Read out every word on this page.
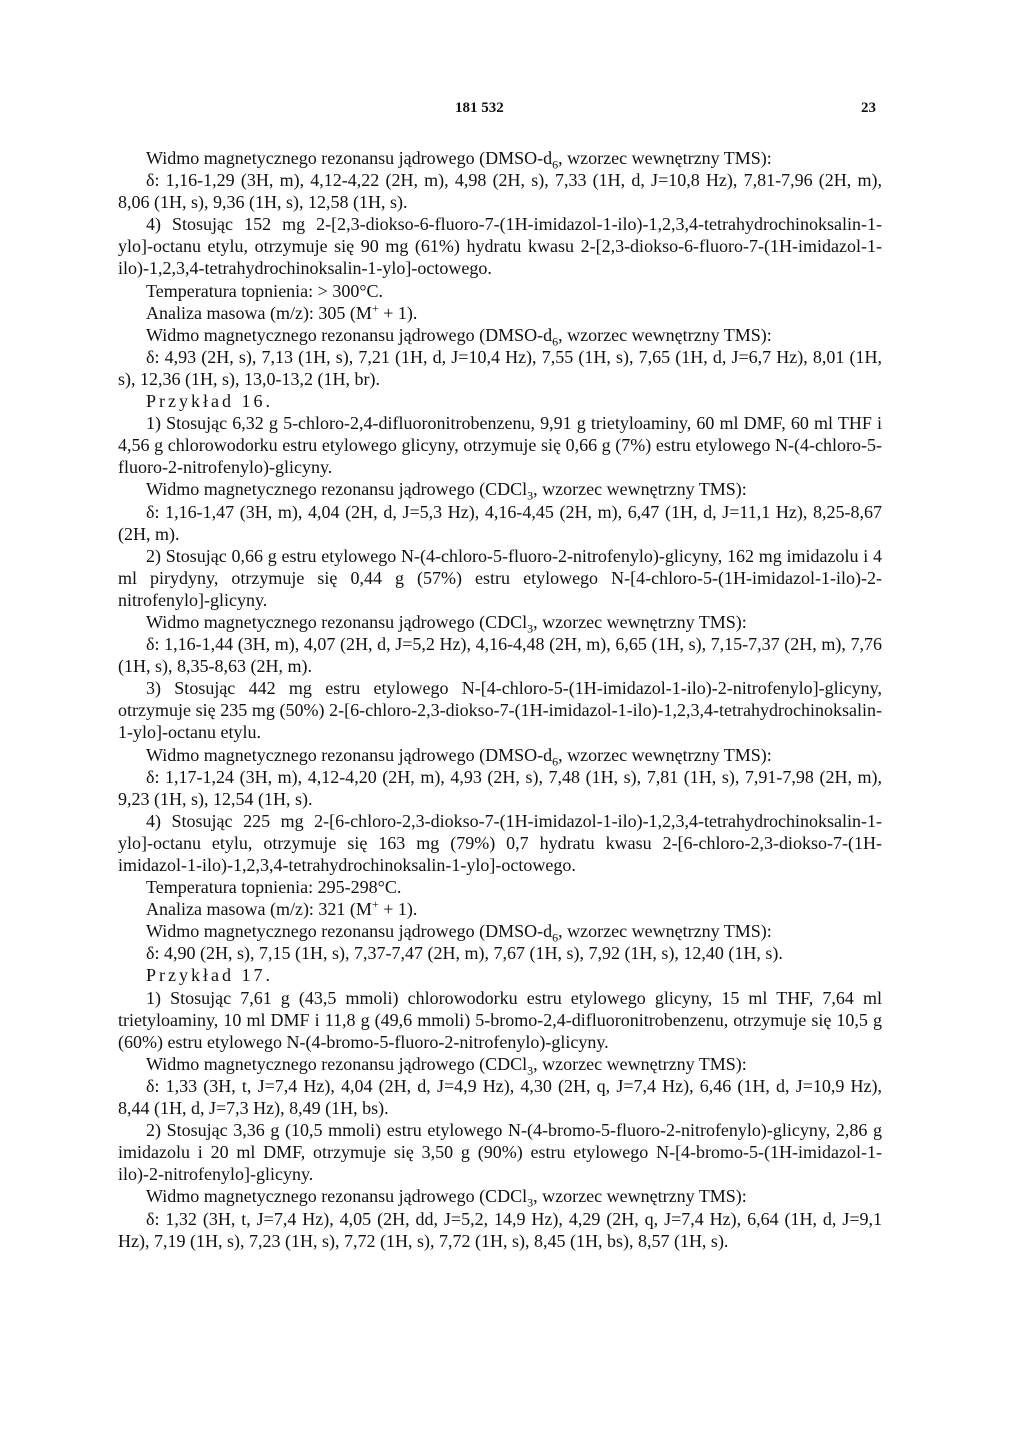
181 532	23

Widmo magnetycznego rezonansu jądrowego ($DMSO-d_6$, wzorzec wewnętrzny TMS):

δ: 1,16-1,29 (3H, m), 4,12-4,22 (2H, m), 4,98 (2H, s), 7,33 (1H, d, J=10,8 Hz), 7,81-7,96 (2H, m), 8,06 (1H, s), 9,36 (1H, s), 12,58 (1H, s).

4) Stosując 152 mg 2-[2,3-diokso-6-fluoro-7-(1H-imidazol-1-ilo)-1,2,3,4-tetrahydrochinoksalin-1-ylo]-octanu etylu, otrzymuje się 90 mg (61%) hydratu kwasu 2-[2,3-diokso-6-fluoro-7-(1H-imidazol-1-ilo)-1,2,3,4-tetrahydrochinoksalin-1-ylo]-octowego.

Temperatura topnienia: > 300°C.

Analiza masowa (m/z): 305 (M+ + 1).

Widmo magnetycznego rezonansu jądrowego ($DMSO-d_6$, wzorzec wewnętrzny TMS):

δ: 4,93 (2H, s), 7,13 (1H, s), 7,21 (1H, d, J=10,4 Hz), 7,55 (1H, s), 7,65 (1H, d, J=6,7 Hz), 8,01 (1H, s), 12,36 (1H, s), 13,0-13,2 (1H, br).

Przykład 16.

1) Stosując 6,32 g 5-chloro-2,4-difluoronitrobenzenu, 9,91 g trietyloaminy, 60 ml DMF, 60 ml THF i 4,56 g chlorowodorku estru etylowego glicyny, otrzymuje się 0,66 g (7%) estru etylowego N-(4-chloro-5-fluoro-2-nitrofenylo)-glicyny.

Widmo magnetycznego rezonansu jądrowego (CDCl$_3$, wzorzec wewnętrzny TMS):

δ: 1,16-1,47 (3H, m), 4,04 (2H, d, J=5,3 Hz), 4,16-4,45 (2H, m), 6,47 (1H, d, J=11,1 Hz), 8,25-8,67 (2H, m).

2) Stosując 0,66 g estru etylowego N-(4-chloro-5-fluoro-2-nitrofenylo)-glicyny, 162 mg imidazolu i 4 ml pirydyny, otrzymuje się 0,44 g (57%) estru etylowego N-[4-chloro-5-(1H-imidazol-1-ilo)-2-nitrofenylo]-glicyny.

Widmo magnetycznego rezonansu jądrowego (CDCl$_3$, wzorzec wewnętrzny TMS):

δ: 1,16-1,44 (3H, m), 4,07 (2H, d, J=5,2 Hz), 4,16-4,48 (2H, m), 6,65 (1H, s), 7,15-7,37 (2H, m), 7,76 (1H, s), 8,35-8,63 (2H, m).

3) Stosując 442 mg estru etylowego N-[4-chloro-5-(1H-imidazol-1-ilo)-2-nitrofenylo]-glicyny, otrzymuje się 235 mg (50%) 2-[6-chloro-2,3-diokso-7-(1H-imidazol-1-ilo)-1,2,3,4-tetrahydrochinoksalin-1-ylo]-octanu etylu.

Widmo magnetycznego rezonansu jądrowego ($DMSO-d_6$, wzorzec wewnętrzny TMS):

δ: 1,17-1,24 (3H, m), 4,12-4,20 (2H, m), 4,93 (2H, s), 7,48 (1H, s), 7,81 (1H, s), 7,91-7,98 (2H, m), 9,23 (1H, s), 12,54 (1H, s).

4) Stosując 225 mg 2-[6-chloro-2,3-diokso-7-(1H-imidazol-1-ilo)-1,2,3,4-tetrahydrochinoksalin-1-ylo]-octanu etylu, otrzymuje się 163 mg (79%) 0,7 hydratu kwasu 2-[6-chloro-2,3-diokso-7-(1H-imidazol-1-ilo)-1,2,3,4-tetrahydrochinoksalin-1-ylo]-octowego.

Temperatura topnienia: 295-298°C.

Analiza masowa (m/z): 321 (M+ + 1).

Widmo magnetycznego rezonansu jądrowego ($DMSO-d_6$, wzorzec wewnętrzny TMS):

δ: 4,90 (2H, s), 7,15 (1H, s), 7,37-7,47 (2H, m), 7,67 (1H, s), 7,92 (1H, s), 12,40 (1H, s).

Przykład 17.

1) Stosując 7,61 g (43,5 mmoli) chlorowodorku estru etylowego glicyny, 15 ml THF, 7,64 ml trietyloaminy, 10 ml DMF i 11,8 g (49,6 mmoli) 5-bromo-2,4-difluoronitrobenzenu, otrzymuje się 10,5 g (60%) estru etylowego N-(4-bromo-5-fluoro-2-nitrofenylo)-glicyny.

Widmo magnetycznego rezonansu jądrowego (CDCl$_3$, wzorzec wewnętrzny TMS):

δ: 1,33 (3H, t, J=7,4 Hz), 4,04 (2H, d, J=4,9 Hz), 4,30 (2H, q, J=7,4 Hz), 6,46 (1H, d, J=10,9 Hz), 8,44 (1H, d, J=7,3 Hz), 8,49 (1H, bs).

2) Stosując 3,36 g (10,5 mmoli) estru etylowego N-(4-bromo-5-fluoro-2-nitrofenylo)-glicyny, 2,86 g imidazolu i 20 ml DMF, otrzymuje się 3,50 g (90%) estru etylowego N-[4-bromo-5-(1H-imidazol-1-ilo)-2-nitrofenylo]-glicyny.

Widmo magnetycznego rezonansu jądrowego (CDCl$_3$, wzorzec wewnętrzny TMS):

δ: 1,32 (3H, t, J=7,4 Hz), 4,05 (2H, dd, J=5,2, 14,9 Hz), 4,29 (2H, q, J=7,4 Hz), 6,64 (1H, d, J=9,1 Hz), 7,19 (1H, s), 7,23 (1H, s), 7,72 (1H, s), 7,72 (1H, s), 8,45 (1H, bs), 8,57 (1H, s).
